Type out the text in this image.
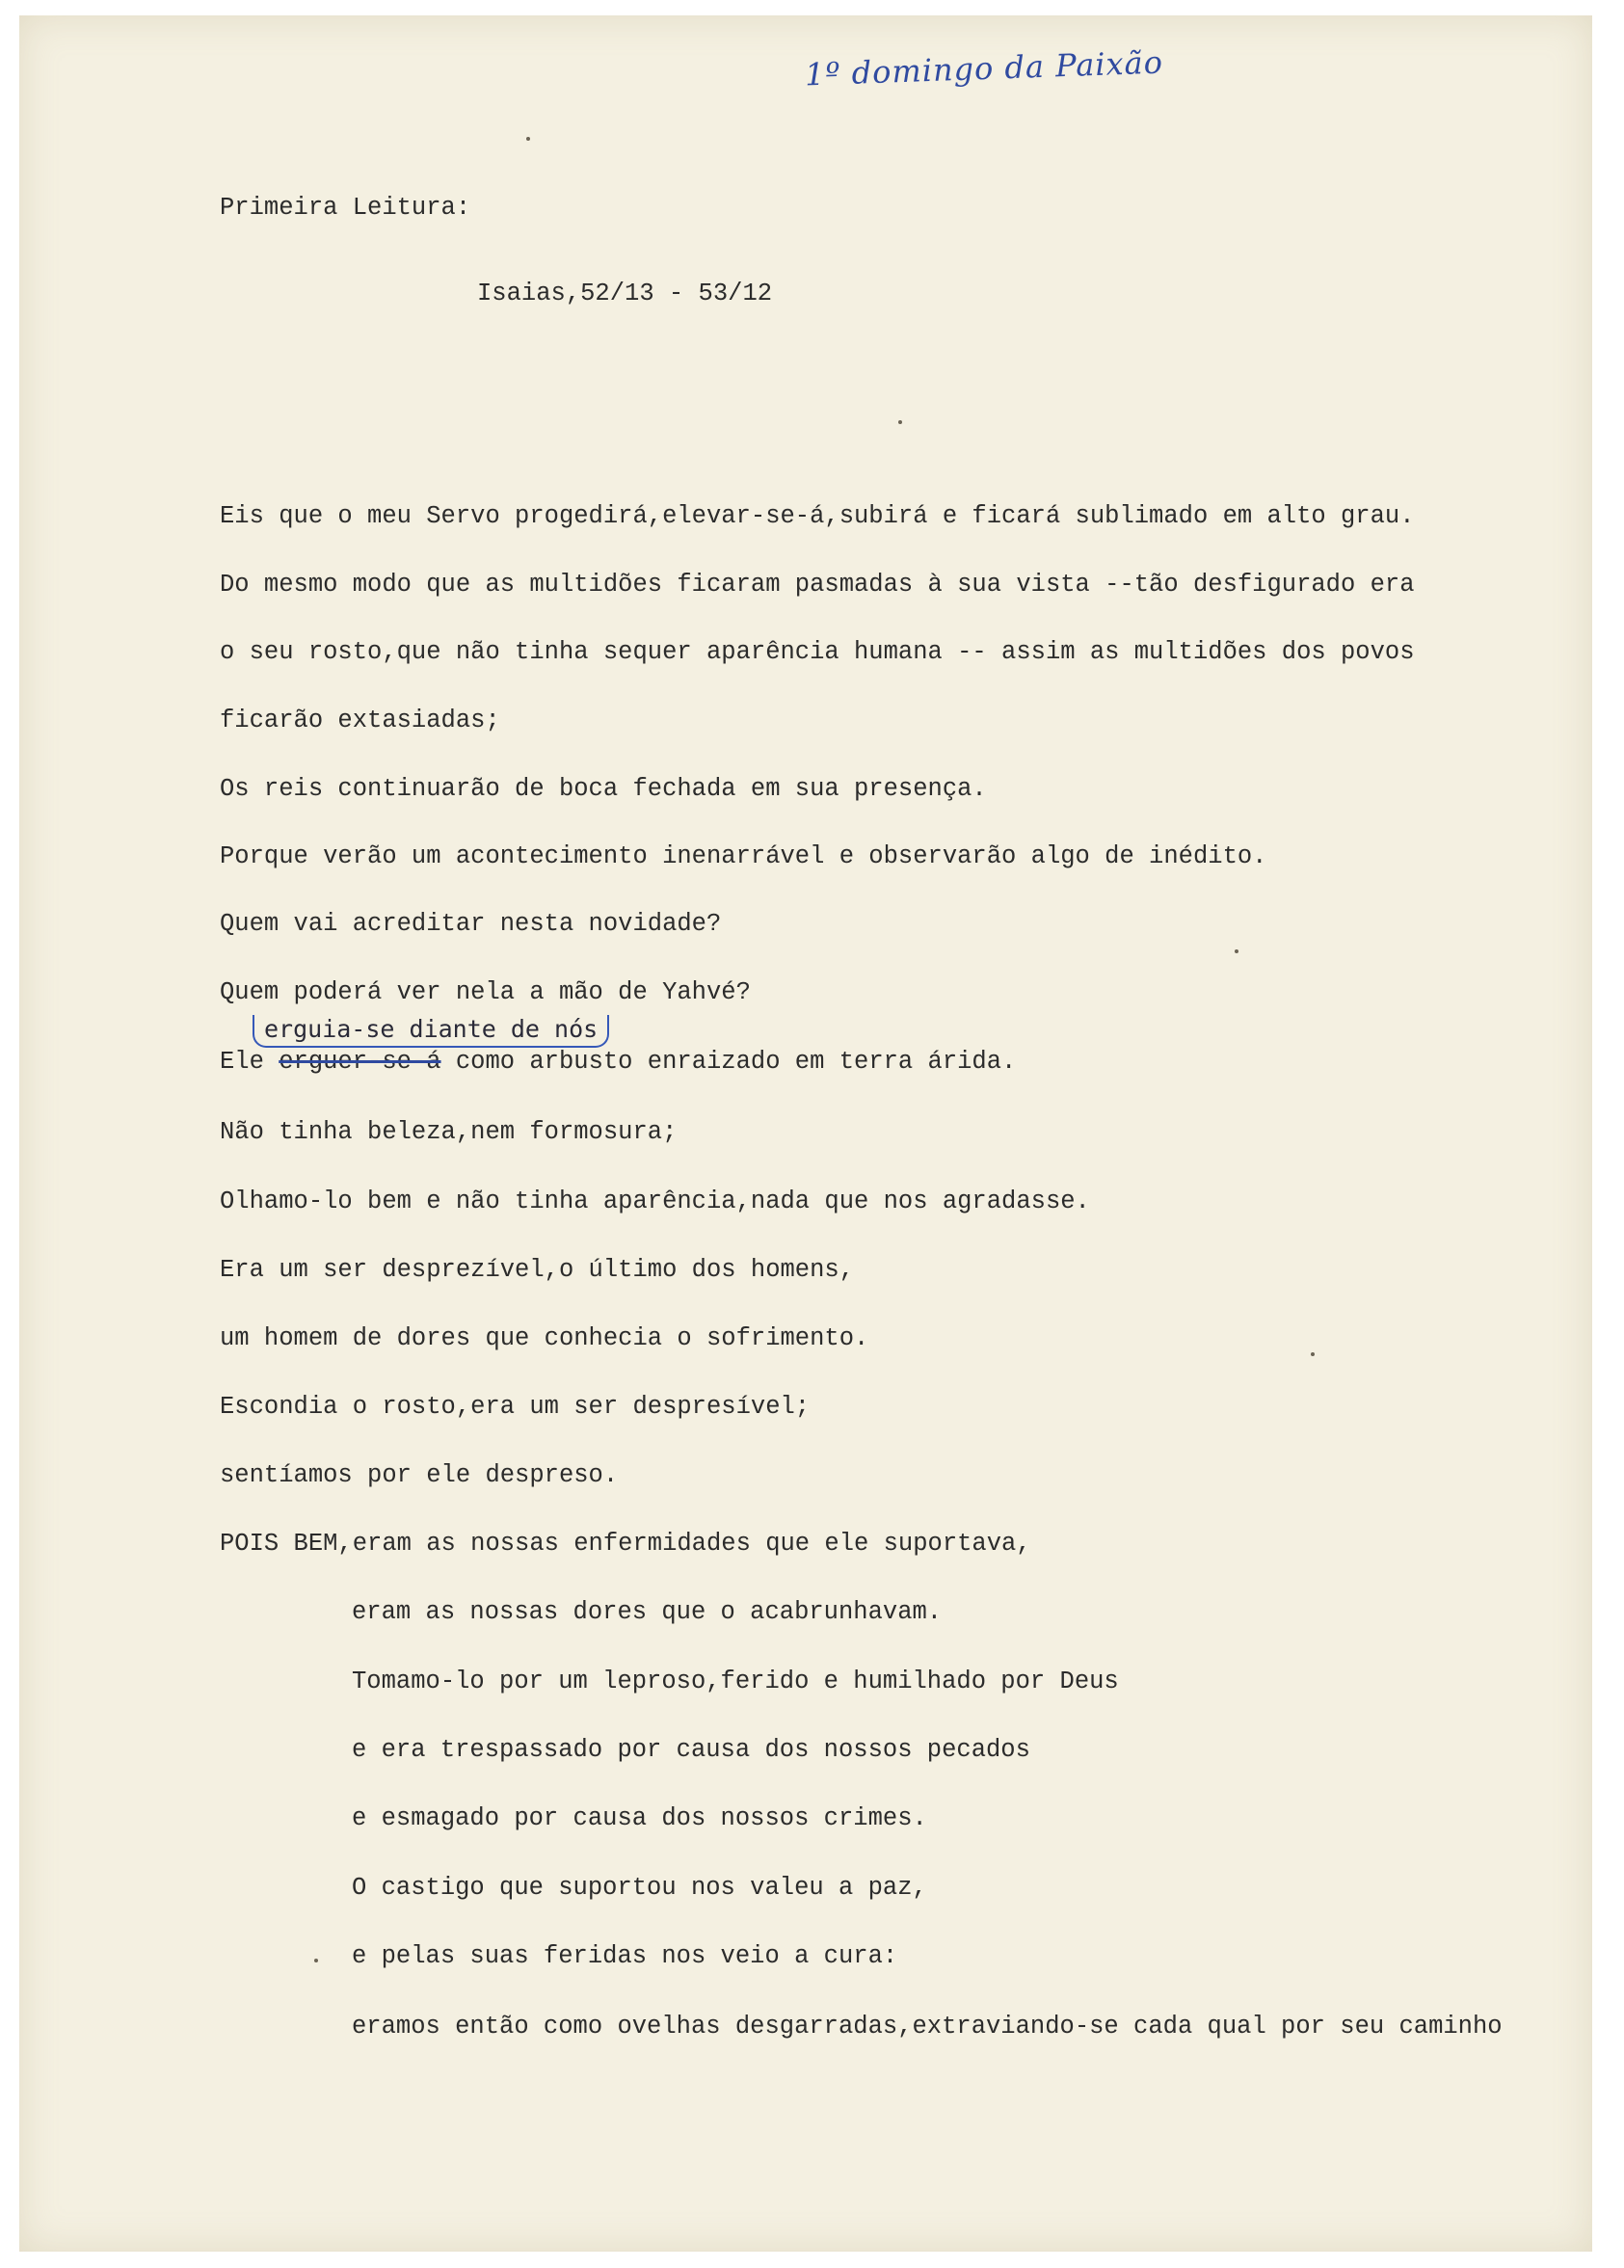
1º domingo da Paixão
Primeira Leitura:
Isaias,52/13 - 53/12
Eis que o meu Servo progedirá,elevar-se-á,subirá e ficará sublimado em alto grau.
Do mesmo modo que as multidões ficaram pasmadas à sua vista --tão desfigurado era
o seu rosto,que não tinha sequer aparência humana -- assim as multidões dos povos
ficarão extasiadas;
Os reis continuarão de boca fechada em sua presença.
Porque verão um acontecimento inenarrável e observarão algo de inédito.
Quem vai acreditar nesta novidade?
Quem poderá ver nela a mão de Yahvé?
erguia-se diante de nós
Ele erguer-se-á como arbusto enraizado em terra árida.
Não tinha beleza,nem formosura;
Olhamo-lo bem e não tinha aparência,nada que nos agradasse.
Era um ser desprezível,o último dos homens,
um homem de dores que conhecia o sofrimento.
Escondia o rosto,era um ser despresível;
sentíamos por ele despreso.
POIS BEM,eram as nossas enfermidades que ele suportava,
eram as nossas dores que o acabrunhavam.
Tomamo-lo por um leproso,ferido e humilhado por Deus
e era trespassado por causa dos nossos pecados
e esmagado por causa dos nossos crimes.
O castigo que suportou nos valeu a paz,
e pelas suas feridas nos veio a cura:
eramos então como ovelhas desgarradas,extraviando-se cada qual por seu caminho
